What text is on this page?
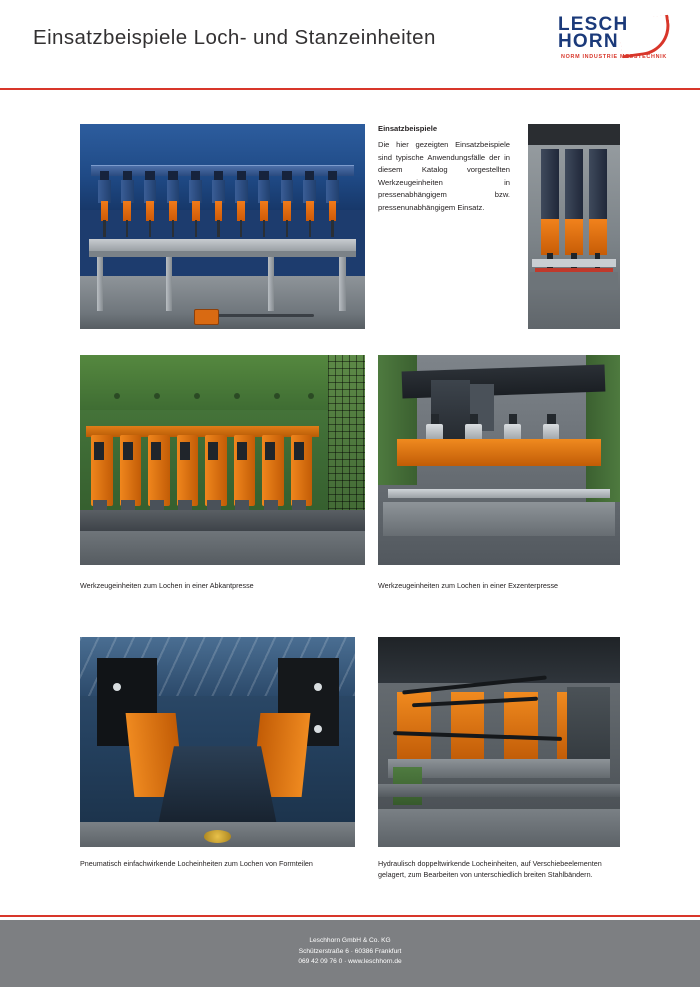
Einsatzbeispiele Loch- und Stanzeinheiten
LESCH
HORN
NORM INDUSTRIE MESSTECHNIK
Einsatzbeispiele

Die hier gezeigten Einsatzbeispiele sind typische Anwendungsfälle der in diesem Katalog vorgestellten Werkzeugeinheiten in pressenabhängigem bzw. pressenunabhängigem Einsatz.

Werkzeugeinheiten zum Lochen in einer Abkantpresse	Werkzeugeinheiten zum Lochen in einer Exzenterpresse
Pneumatisch einfachwirkende Locheinheiten zum Lochen von Formteilen	Hydraulisch doppeltwirkende Locheinheiten, auf Verschiebeelementen gelagert, zum Bearbeiten von unterschiedlich breiten Stahlbändern.
Leschhorn GmbH & Co. KG
Schützerstraße 6 · 60386 Frankfurt
069 42 09 76 0 · www.leschhorn.de
